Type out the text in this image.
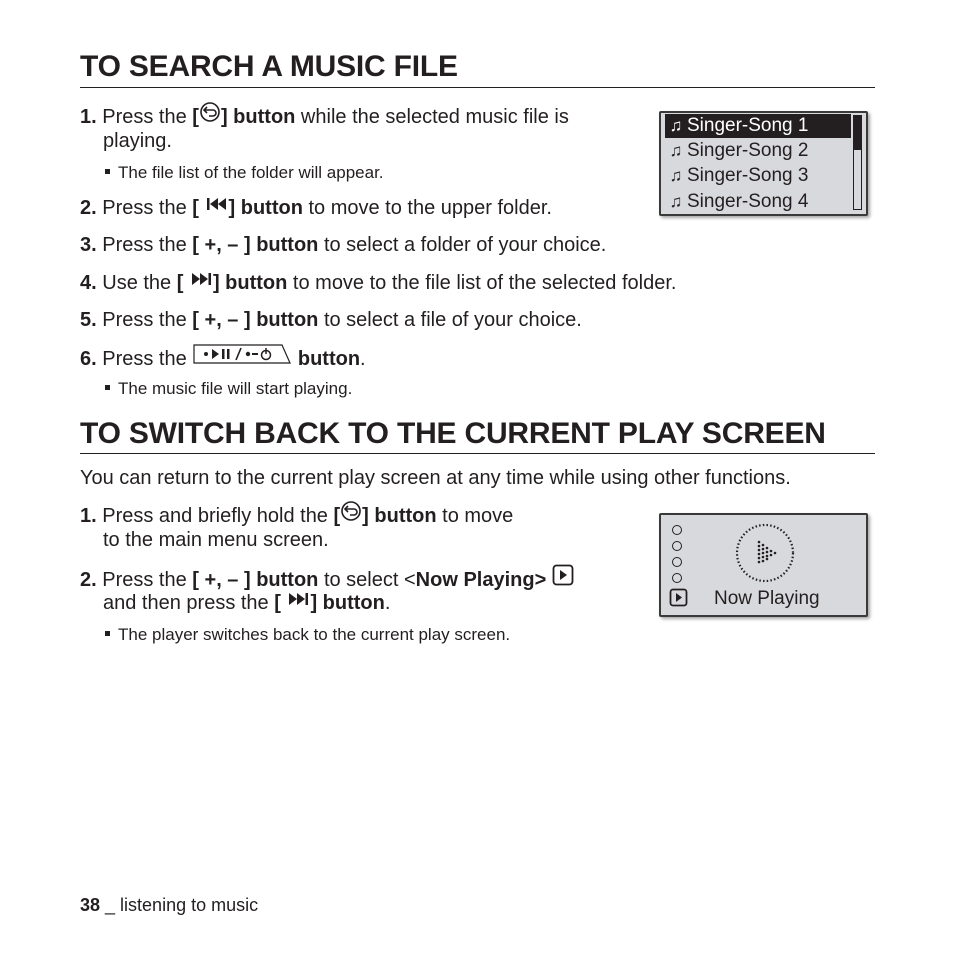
TO SEARCH A MUSIC FILE
1. Press the [ ] button while the selected music file is
playing.
The file list of the folder will appear.
2. Press the [ ] button to move to the upper folder.
3. Press the [ +, – ] button to select a folder of your choice.
4. Use the [ ] button to move to the file list of the selected folder.
5. Press the [ +, – ] button to select a file of your choice.
6. Press the	button.
The music file will start playing.
♫ Singer-Song 1
♫ Singer-Song 2
♫ Singer-Song 3
♫ Singer-Song 4
TO SWITCH BACK TO THE CURRENT PLAY SCREEN
You can return to the current play screen at any time while using other functions.
1. Press and briefly hold the [ ] button to move
to the main menu screen.
2. Press the [ +, – ] button to select <Now Playing>
and then press the [ ] button.
The player switches back to the current play screen.
Now Playing
38 _ listening to music
